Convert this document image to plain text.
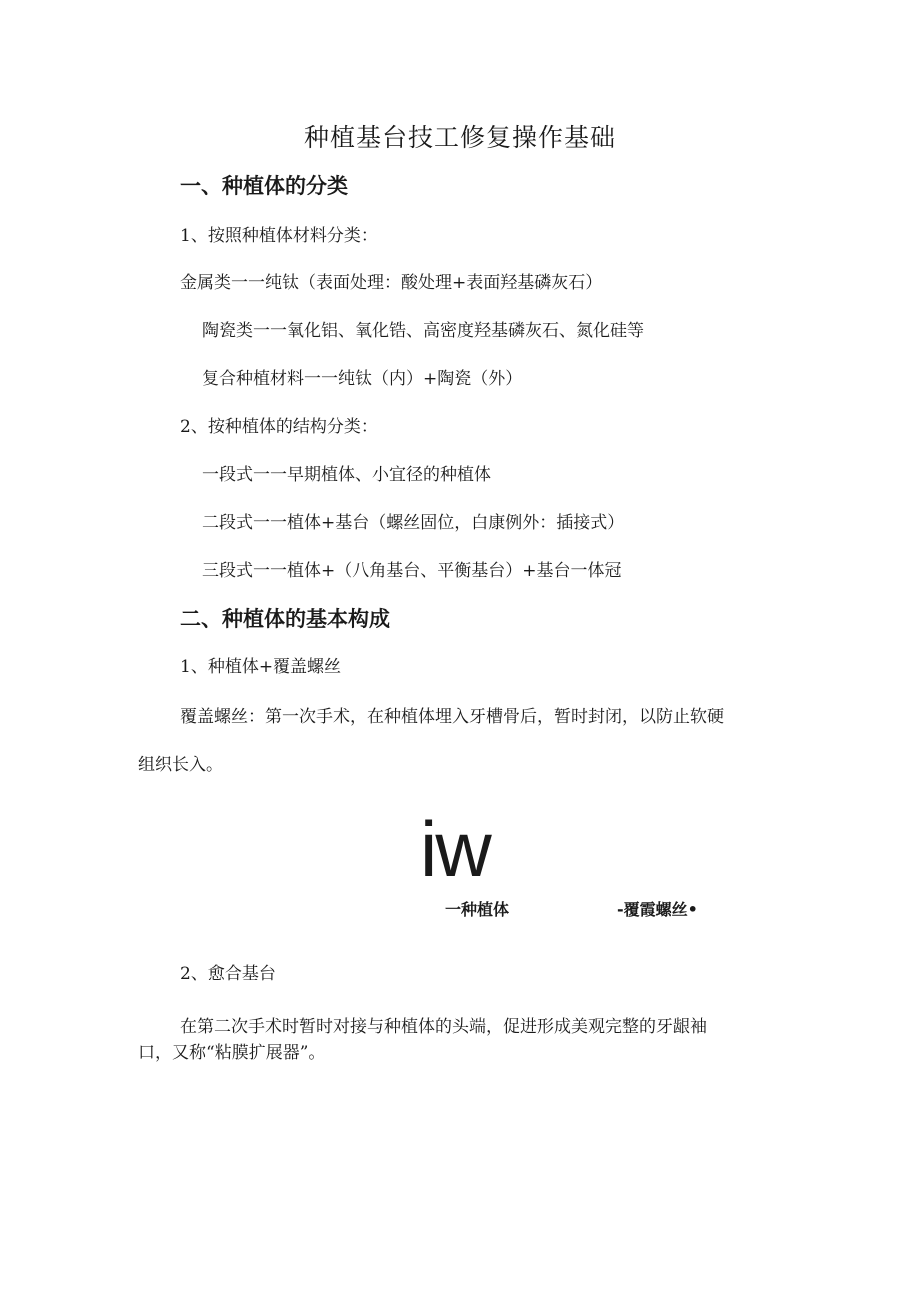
种植基台技工修复操作基础
一、种植体的分类
1、按照种植体材料分类：
金属类一一纯钛（表面处理：酸处理+表面羟基磷灰石）
陶瓷类一一氧化铝、氧化锆、高密度羟基磷灰石、氮化硅等
复合种植材料一一纯钛（内）+陶瓷（外）
2、按种植体的结构分类：
一段式一一早期植体、小宜径的种植体
二段式一一植体+基台（螺丝固位，白康例外：插接式）
三段式一一植体+（八角基台、平衡基台）+基台一体冠
二、种植体的基本构成
1、种植体+覆盖螺丝
覆盖螺丝：第一次手术，在种植体埋入牙槽骨后，暂时封闭，以防止软硬
组织长入。
iw
一种植体	-覆霞螺丝•
2、愈合基台
在第二次手术时暂时对接与种植体的头端，促进形成美观完整的牙龈袖
口，又称“粘膜扩展器”。
